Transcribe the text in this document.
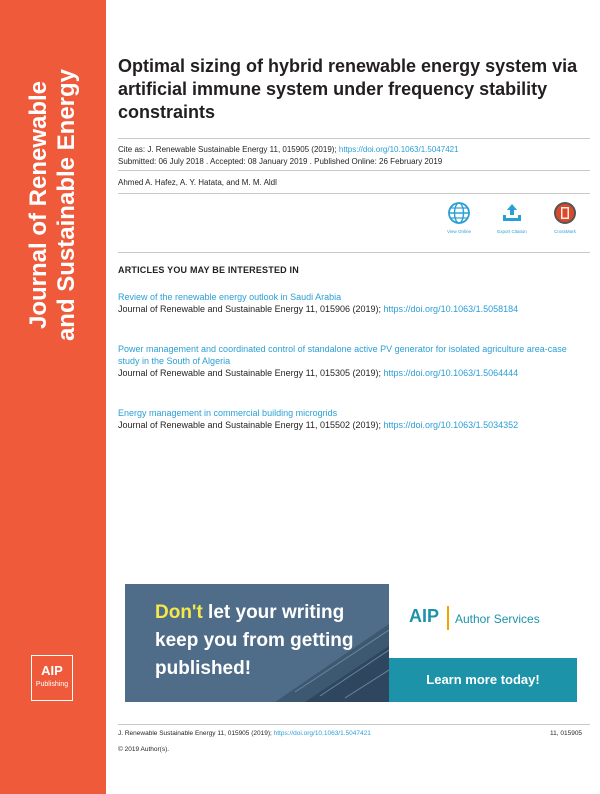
Journal of Renewable and Sustainable Energy
AIP
Publishing
Optimal sizing of hybrid renewable energy system via artificial immune system under frequency stability constraints
Cite as: J. Renewable Sustainable Energy 11, 015905 (2019); https://doi.org/10.1063/1.5047421
Submitted: 06 July 2018 . Accepted: 08 January 2019 . Published Online: 26 February 2019
Ahmed A. Hafez, A. Y. Hatata, and M. M. Aldl
View Online	Export Citation	CrossMark
ARTICLES YOU MAY BE INTERESTED IN
Review of the renewable energy outlook in Saudi Arabia
Journal of Renewable and Sustainable Energy 11, 015906 (2019); https://doi.org/10.1063/1.5058184
Power management and coordinated control of standalone active PV generator for isolated agriculture area-case study in the South of Algeria
Journal of Renewable and Sustainable Energy 11, 015305 (2019); https://doi.org/10.1063/1.5064444
Energy management in commercial building microgrids
Journal of Renewable and Sustainable Energy 11, 015502 (2019); https://doi.org/10.1063/1.5034352
Don't let your writing
keep you from getting
published!
AIP Author Services
Learn more today!
J. Renewable Sustainable Energy 11, 015905 (2019); https://doi.org/10.1063/1.5047421	11, 015905
© 2019 Author(s).
